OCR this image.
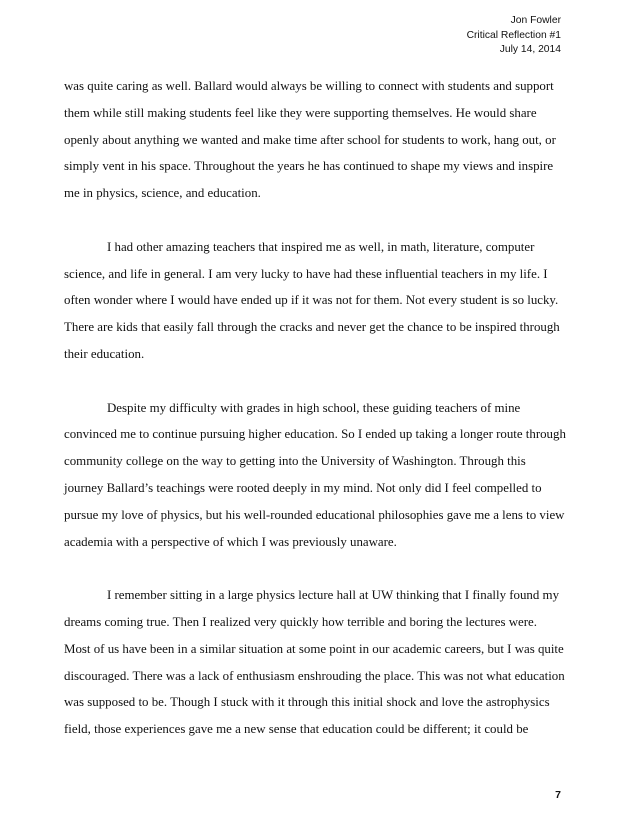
Jon Fowler
Critical Reflection #1
July 14, 2014

was quite caring as well. Ballard would always be willing to connect with students and support them while still making students feel like they were supporting themselves. He would share openly about anything we wanted and make time after school for students to work, hang out, or simply vent in his space. Throughout the years he has continued to shape my views and inspire me in physics, science, and education.

I had other amazing teachers that inspired me as well, in math, literature, computer science, and life in general. I am very lucky to have had these influential teachers in my life. I often wonder where I would have ended up if it was not for them. Not every student is so lucky. There are kids that easily fall through the cracks and never get the chance to be inspired through their education.

Despite my difficulty with grades in high school, these guiding teachers of mine convinced me to continue pursuing higher education. So I ended up taking a longer route through community college on the way to getting into the University of Washington. Through this journey Ballard’s teachings were rooted deeply in my mind. Not only did I feel compelled to pursue my love of physics, but his well-rounded educational philosophies gave me a lens to view academia with a perspective of which I was previously unaware.

I remember sitting in a large physics lecture hall at UW thinking that I finally found my dreams coming true. Then I realized very quickly how terrible and boring the lectures were. Most of us have been in a similar situation at some point in our academic careers, but I was quite discouraged. There was a lack of enthusiasm enshrouding the place. This was not what education was supposed to be. Though I stuck with it through this initial shock and love the astrophysics field, those experiences gave me a new sense that education could be different; it could be

7
